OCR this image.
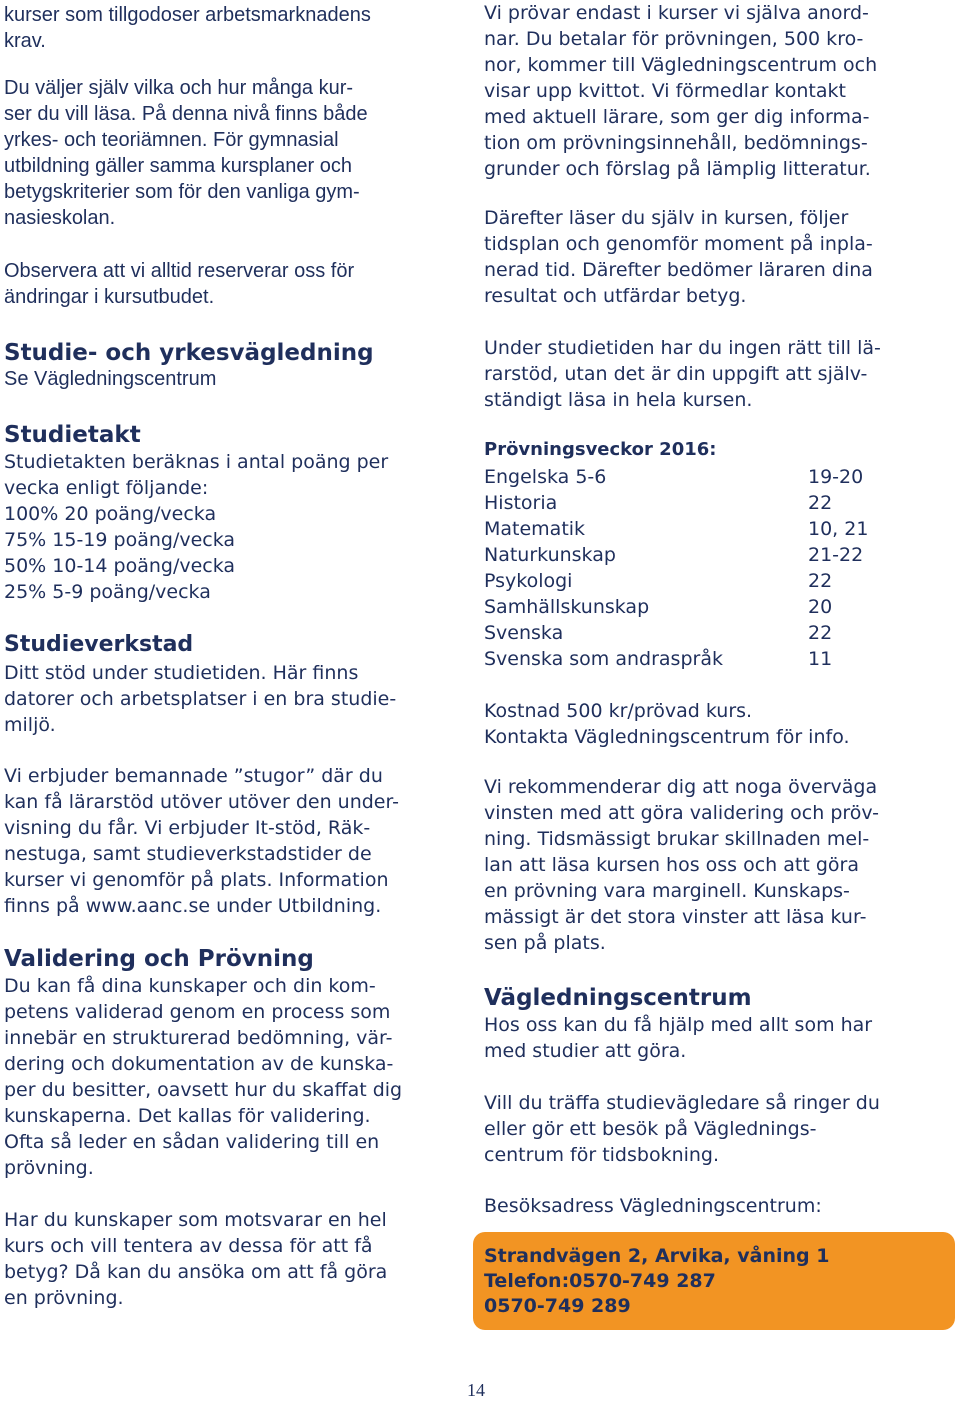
kurser som tillgodoser arbetsmarknadens
krav.

Du väljer själv vilka och hur många kur-
ser du vill läsa. På denna nivå finns både
yrkes- och teoriämnen. För gymnasial
utbildning gäller samma kursplaner och
betygskriterier som för den vanliga gym-
nasieskolan.

Observera att vi alltid reserverar oss för
ändringar i kursutbudet.

Studie- och yrkesvägledning

Se Vägledningscentrum

Studietakt

Studietakten beräknas i antal poäng per
vecka enligt följande:
100% 20 poäng/vecka
75% 15-19 poäng/vecka
50% 10-14 poäng/vecka
25% 5-9 poäng/vecka

Studieverkstad

Ditt stöd under studietiden. Här finns
datorer och arbetsplatser i en bra studie-
miljö.

Vi erbjuder bemannade ”stugor” där du
kan få lärarstöd utöver utöver den under-
visning du får. Vi erbjuder It-stöd, Räk-
nestuga, samt studieverkstadstider de
kurser vi genomför på plats. Information
finns på www.aanc.se under Utbildning.

Validering och Prövning

Du kan få dina kunskaper och din kom-
petens validerad genom en process som
innebär en strukturerad bedömning, vär-
dering och dokumentation av de kunska-
per du besitter, oavsett hur du skaffat dig
kunskaperna. Det kallas för validering.
Ofta så leder en sådan validering till en
prövning.

Har du kunskaper som motsvarar en hel
kurs och vill tentera av dessa för att få
betyg? Då kan du ansöka om att få göra
en prövning.

Vi prövar endast i kurser vi själva anord-
nar. Du betalar för prövningen, 500 kro-
nor, kommer till Vägledningscentrum och
visar upp kvittot. Vi förmedlar kontakt
med aktuell lärare, som ger dig informa-
tion om prövningsinnehåll, bedömnings-
grunder och förslag på lämplig litteratur.

Därefter läser du själv in kursen, följer
tidsplan och genomför moment på inpla-
nerad tid. Därefter bedömer läraren dina
resultat och utfärdar betyg.

Under studietiden har du ingen rätt till lä-
rarstöd, utan det är din uppgift att själv-
ständigt läsa in hela kursen.

Prövningsveckor 2016:
Engelska 5-6	19-20
Historia	22
Matematik	10, 21
Naturkunskap	21-22
Psykologi	22
Samhällskunskap	20
Svenska	22
Svenska som andraspråk	11

Kostnad 500 kr/prövad kurs.
Kontakta Vägledningscentrum för info.

Vi rekommenderar dig att noga överväga
vinsten med att göra validering och pröv-
ning. Tidsmässigt brukar skillnaden mel-
lan att läsa kursen hos oss och att göra
en prövning vara marginell. Kunskaps-
mässigt är det stora vinster att läsa kur-
sen på plats.

Vägledningscentrum

Hos oss kan du få hjälp med allt som har
med studier att göra.

Vill du träffa studievägledare så ringer du
eller gör ett besök på Väglednings-
centrum för tidsbokning.

Besöksadress Vägledningscentrum:

Strandvägen 2, Arvika, våning 1
Telefon:0570-749 287
0570-749 289

14
